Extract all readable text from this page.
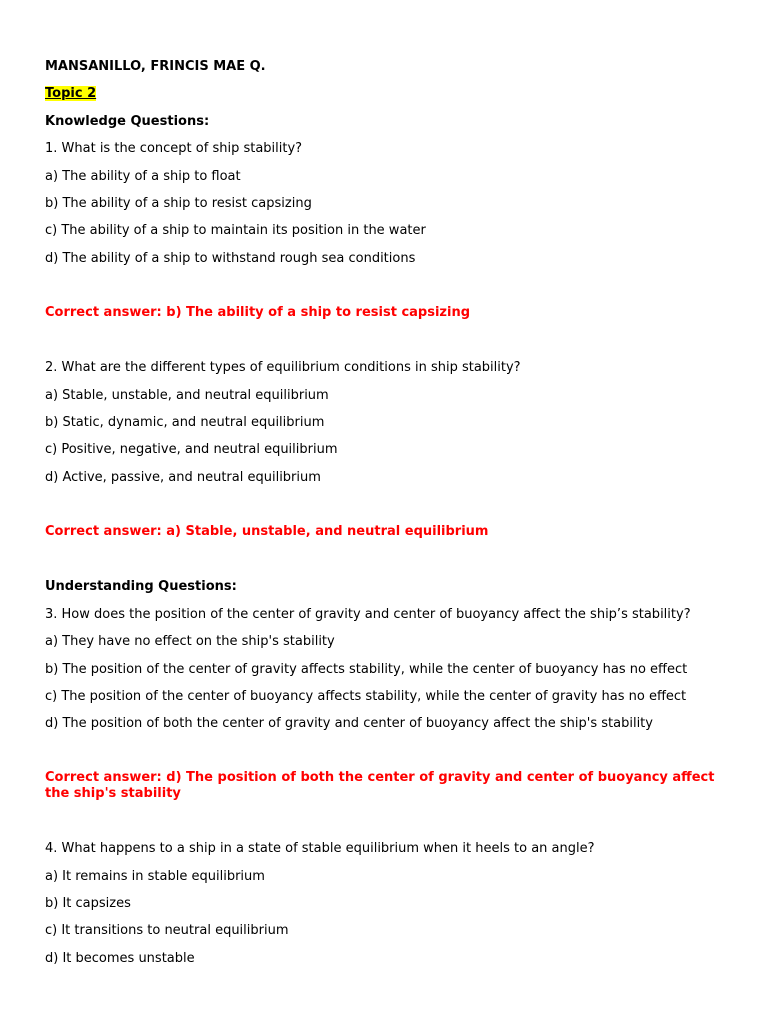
MANSANILLO, FRINCIS MAE Q.
Topic 2
Knowledge Questions:
1. What is the concept of ship stability?
a) The ability of a ship to float
b) The ability of a ship to resist capsizing
c) The ability of a ship to maintain its position in the water
d) The ability of a ship to withstand rough sea conditions
Correct answer: b) The ability of a ship to resist capsizing
2. What are the different types of equilibrium conditions in ship stability?
a) Stable, unstable, and neutral equilibrium
b) Static, dynamic, and neutral equilibrium
c) Positive, negative, and neutral equilibrium
d) Active, passive, and neutral equilibrium
Correct answer: a) Stable, unstable, and neutral equilibrium
Understanding Questions:
3. How does the position of the center of gravity and center of buoyancy affect the ship’s stability?
a) They have no effect on the ship's stability
b) The position of the center of gravity affects stability, while the center of buoyancy has no effect
c) The position of the center of buoyancy affects stability, while the center of gravity has no effect
d) The position of both the center of gravity and center of buoyancy affect the ship's stability
Correct answer: d) The position of both the center of gravity and center of buoyancy affect the ship's stability
4. What happens to a ship in a state of stable equilibrium when it heels to an angle?
a) It remains in stable equilibrium
b) It capsizes
c) It transitions to neutral equilibrium
d) It becomes unstable
